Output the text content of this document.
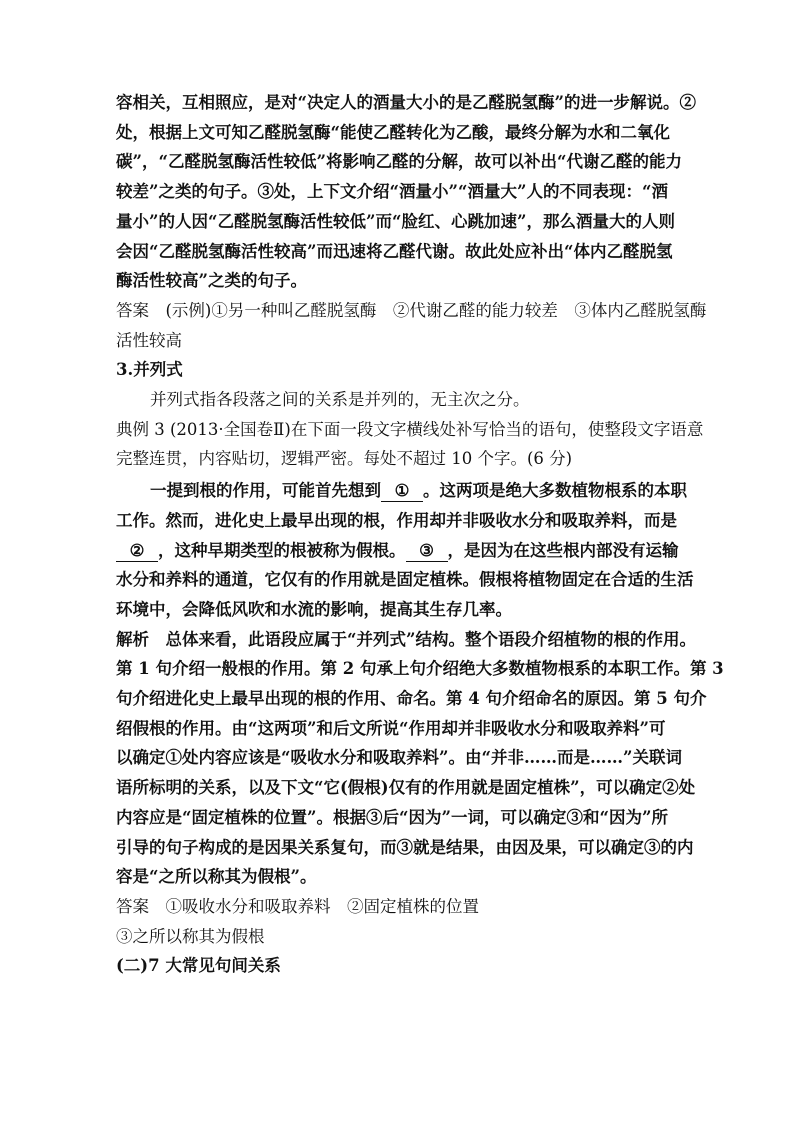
容相关，互相照应，是对“决定人的酒量大小的是乙醛脱氢酶”的进一步解说。②
处，根据上文可知乙醛脱氢酶“能使乙醛转化为乙酸，最终分解为水和二氧化
碳”，“乙醛脱氢酶活性较低”将影响乙醛的分解，故可以补出“代谢乙醛的能力
较差”之类的句子。③处，上下文介绍“酒量小”“酒量大”人的不同表现：“酒
量小”的人因“乙醛脱氢酶活性较低”而“脸红、心跳加速”，那么酒量大的人则
会因“乙醛脱氢酶活性较高”而迅速将乙醛代谢。故此处应补出“体内乙醛脱氢
酶活性较高”之类的句子。
答案　(示例)①另一种叫乙醛脱氢酶　②代谢乙醛的能力较差　③体内乙醛脱氢酶
活性较高
3.并列式
并列式指各段落之间的关系是并列的，无主次之分。
典例 3 (2013·全国卷Ⅱ)在下面一段文字横线处补写恰当的语句，使整段文字语意
完整连贯，内容贴切，逻辑严密。每处不超过 10 个字。(6 分)
一提到根的作用，可能首先想到 ① 。这两项是绝大多数植物根系的本职
工作。然而，进化史上最早出现的根，作用却并非吸收水分和吸取养料，而是
② ，这种早期类型的根被称为假根。 ③ ，是因为在这些根内部没有运输
水分和养料的通道，它仅有的作用就是固定植株。假根将植物固定在合适的生活
环境中，会降低风吹和水流的影响，提高其生存几率。
解析　总体来看，此语段应属于“并列式”结构。整个语段介绍植物的根的作用。
第 1 句介绍一般根的作用。第 2 句承上句介绍绝大多数植物根系的本职工作。第 3
句介绍进化史上最早出现的根的作用、命名。第 4 句介绍命名的原因。第 5 句介
绍假根的作用。由“这两项”和后文所说“作用却并非吸收水分和吸取养料”可
以确定①处内容应该是“吸收水分和吸取养料”。由“并非……而是……”关联词
语所标明的关系，以及下文“它(假根)仅有的作用就是固定植株”，可以确定②处
内容应是“固定植株的位置”。根据③后“因为”一词，可以确定③和“因为”所
引导的句子构成的是因果关系复句，而③就是结果，由因及果，可以确定③的内
容是“之所以称其为假根”。
答案　①吸收水分和吸取养料　②固定植株的位置
③之所以称其为假根
(二)7 大常见句间关系
